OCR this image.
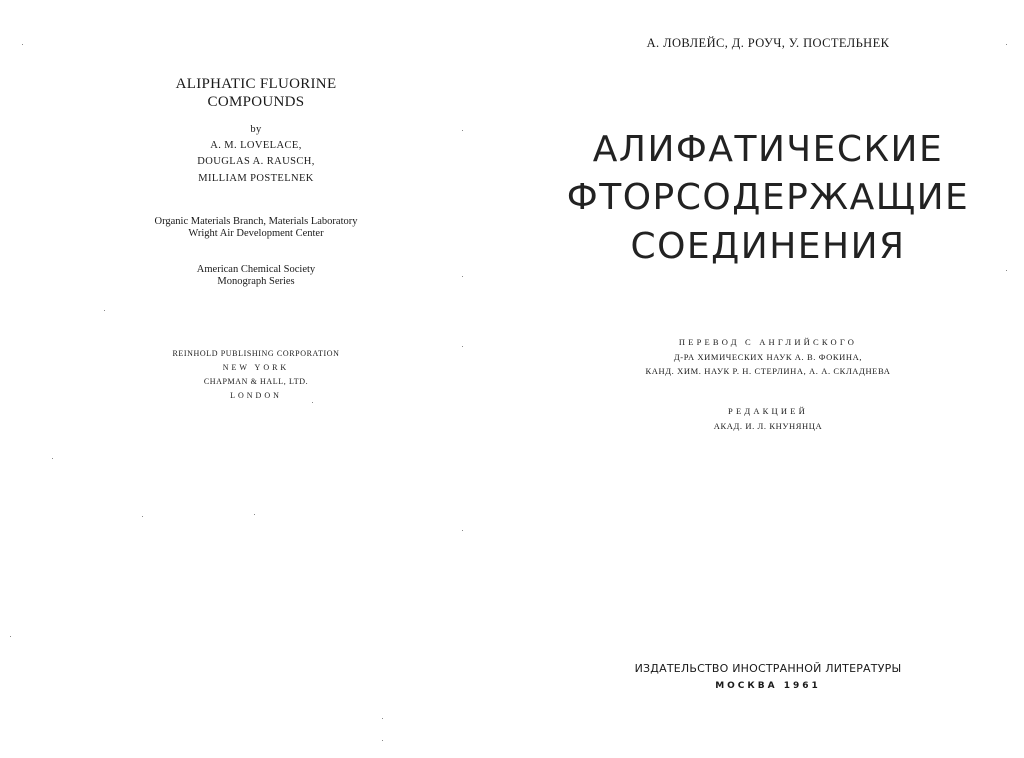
ALIPHATIC FLUORINE
COMPOUNDS
by
A. M. LOVELACE,
DOUGLAS A. RAUSCH,
MILLIAM POSTELNEK
Organic Materials Branch, Materials Laboratory
Wright Air Development Center
American Chemical Society
Monograph Series
REINHOLD PUBLISHING CORPORATION
NEW YORK
CHAPMAN & HALL, LTD.
LONDON
А. ЛОВЛЕЙС, Д. РОУЧ, У. ПОСТЕЛЬНЕК
АЛИФАТИЧЕСКИЕ
ФТОРСОДЕРЖАЩИЕ
СОЕДИНЕНИЯ
ПЕРЕВОД С АНГЛИЙСКОГО
Д-РА ХИМИЧЕСКИХ НАУК А. В. ФОКИНА,
КАНД. ХИМ. НАУК Р. Н. СТЕРЛИНА, А. А. СКЛАДНЕВА
РЕДАКЦИЕЙ
АКАД. И. Л. КНУНЯНЦА
ИЗДАТЕЛЬСТВО ИНОСТРАННОЙ ЛИТЕРАТУРЫ
МОСКВА 1961
